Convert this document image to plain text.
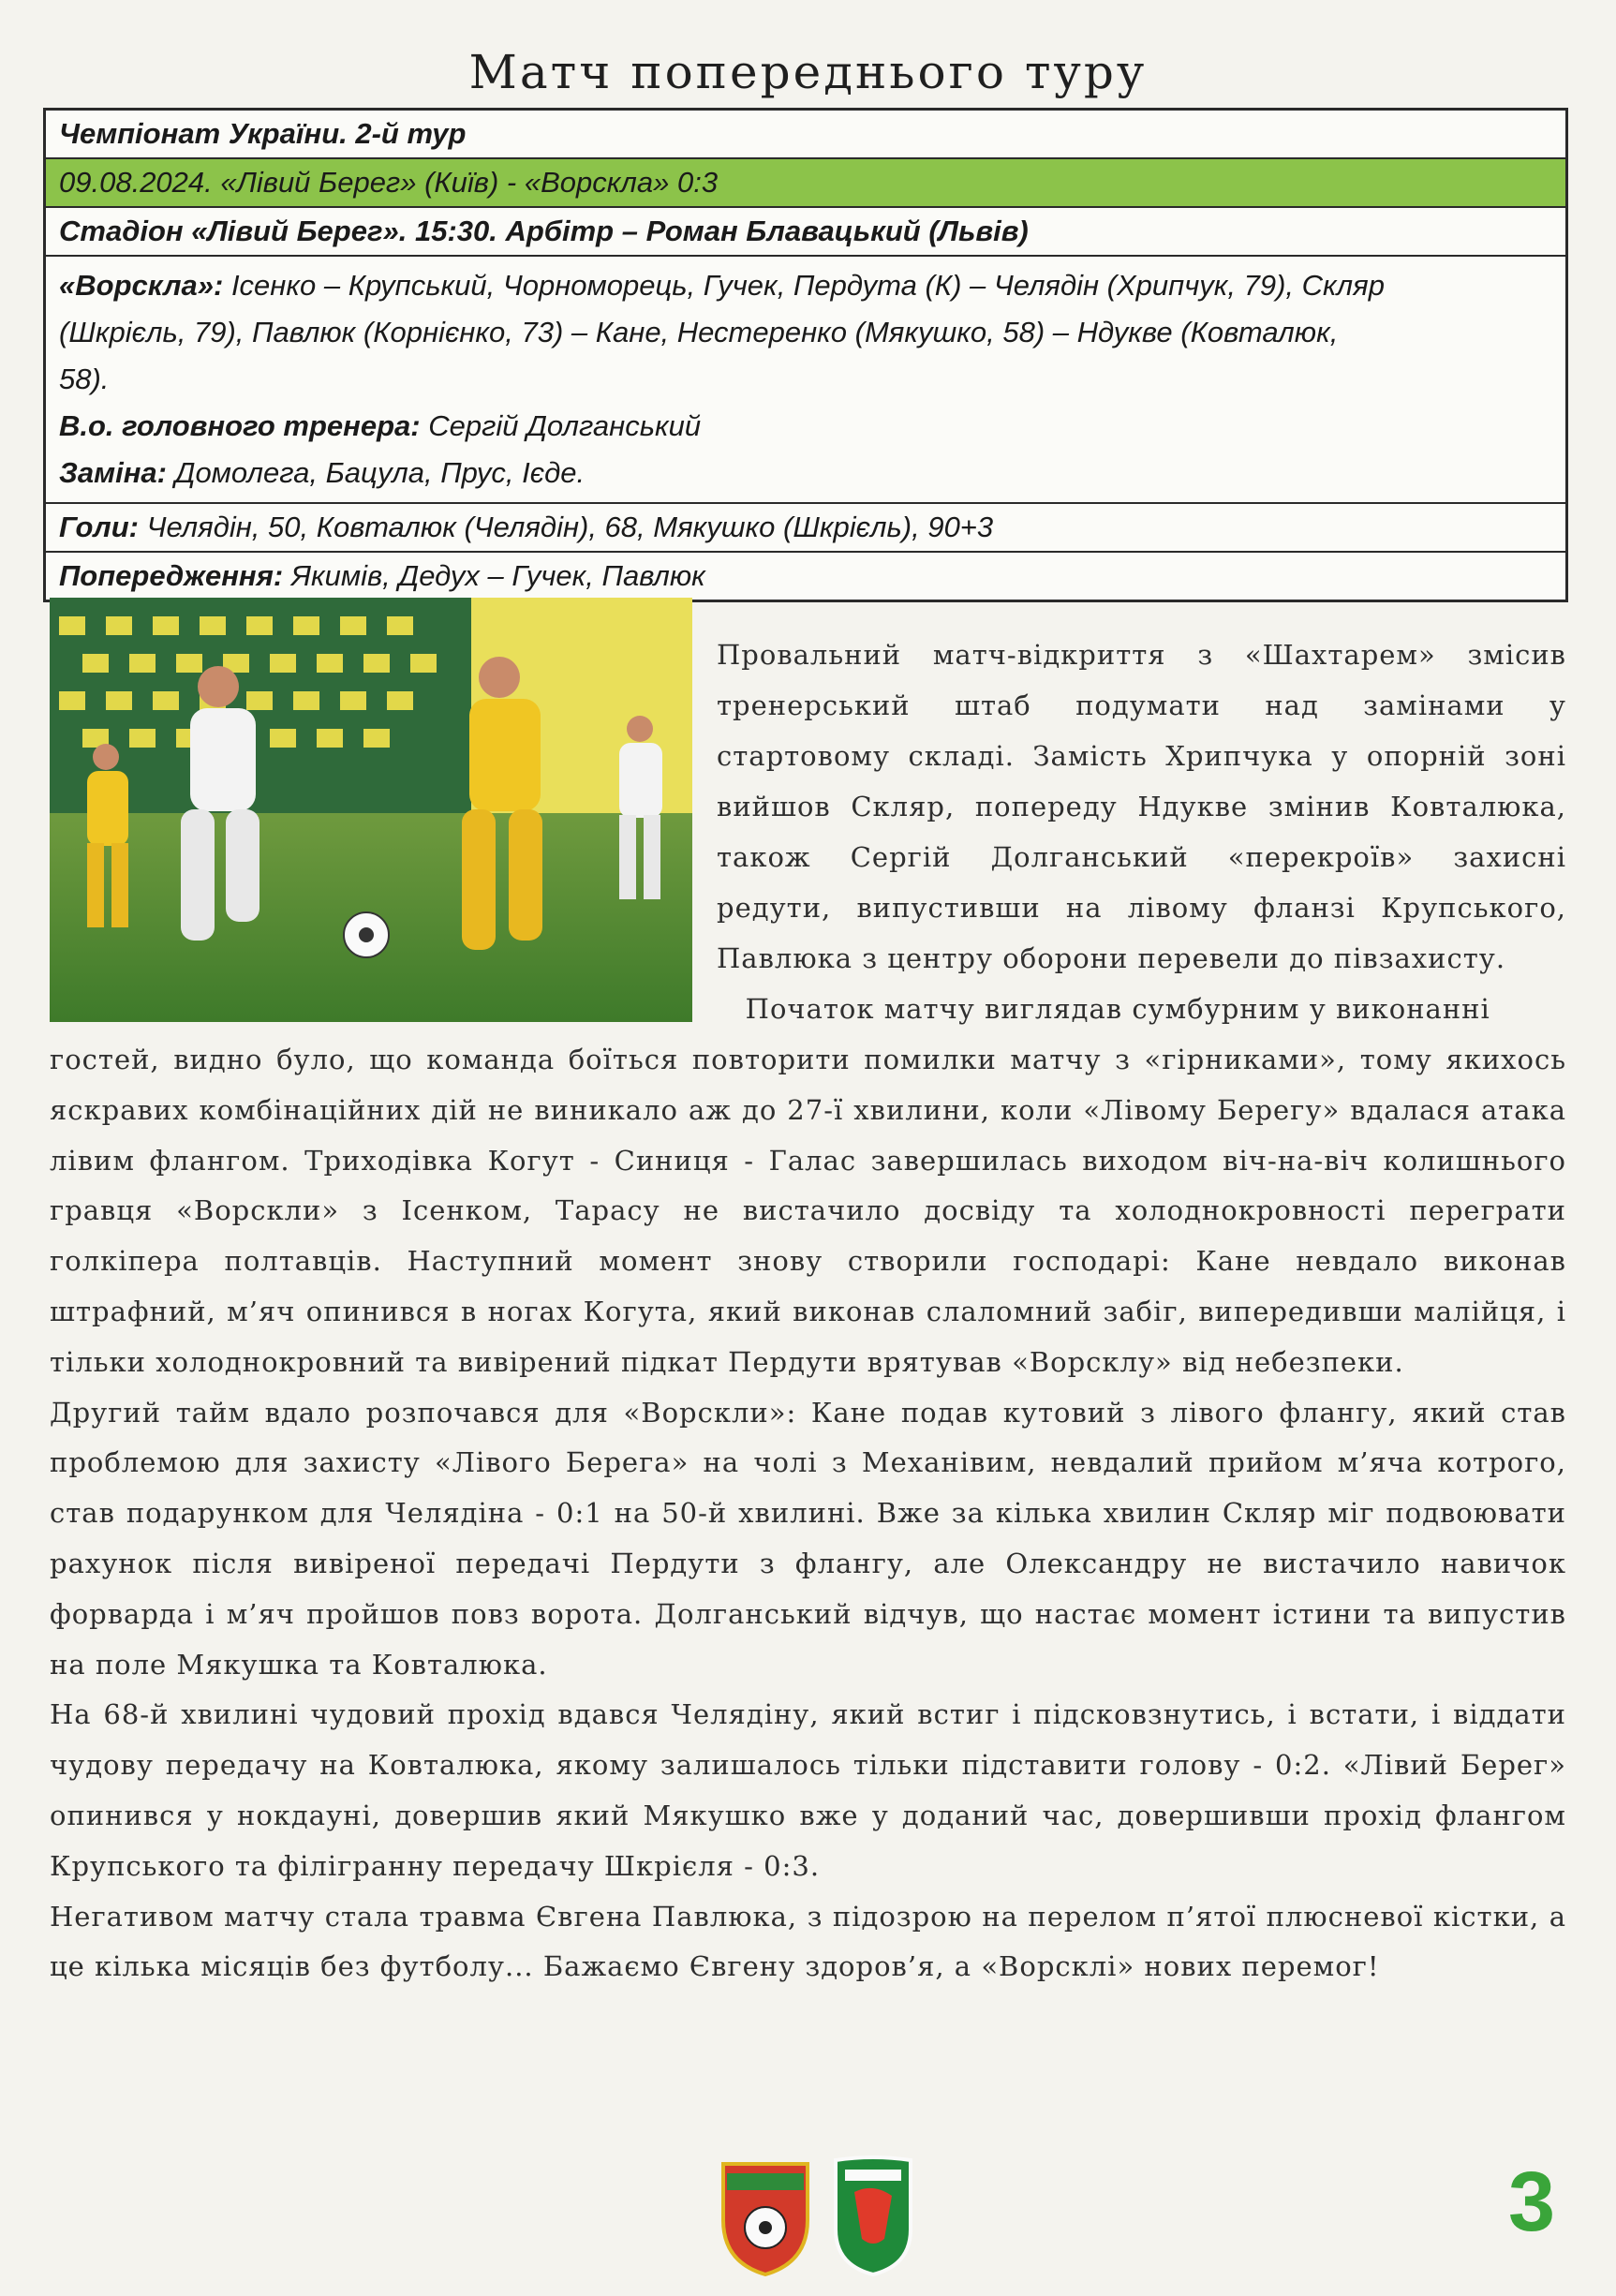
Матч попереднього туру
Чемпіонат України. 2-й тур
09.08.2024. «Лівий Берег» (Київ) - «Ворскла» 0:3
Стадіон «Лівий Берег». 15:30. Арбітр – Роман Блавацький (Львів)
«Ворскла»: Ісенко – Крупський, Чорноморець, Гучек, Пердута (К) – Челядін (Хрипчук, 79), Скляр
(Шкрієль, 79), Павлюк (Корнієнко, 73) – Кане, Нестеренко (Мякушко, 58) – Ндукве (Ковталюк,
58).
В.о. головного тренера: Сергій Долганський
Заміна: Домолега, Бацула, Прус, Ієде.
Голи: Челядін, 50, Ковталюк (Челядін), 68, Мякушко (Шкрієль), 90+3
Попередження: Якимів, Дедух – Гучек, Павлюк

Провальний матч-відкриття з «Шахтарем» змісив тренерський штаб подумати над замінами у стартовому складі. Замість Хрипчука у опорній зоні вийшов Скляр, попереду Ндукве змінив Ковталюка, також Сергій Долганський «перекроїв» захисні редути, випустивши на лівому фланзі Крупського, Павлюка з центру оборони перевели до півзахисту.

Початок матчу виглядав сумбурним у виконанні

гостей, видно було, що команда боїться повторити помилки матчу з «гірниками», тому якихось яскравих комбінаційних дій не виникало аж до 27-ї хвилини, коли «Лівому Берегу» вдалася атака лівим флангом. Триходівка Когут - Синиця - Галас завершилась виходом віч-на-віч колишнього гравця «Ворскли» з Ісенком, Тарасу не вистачило досвіду та холоднокровності переграти голкіпера полтавців. Наступний момент знову створили господарі: Кане невдало виконав штрафний, м’яч опинився в ногах Когута, який виконав слаломний забіг, випередивши малійця, і тільки холоднокровний та вивірений підкат Пердути врятував «Ворсклу» від небезпеки.

Другий тайм вдало розпочався для «Ворскли»: Кане подав кутовий з лівого флангу, який став проблемою для захисту «Лівого Берега» на чолі з Механівим, невдалий прийом м’яча котрого, став подарунком для Челядіна - 0:1 на 50-й хвилині. Вже за кілька хвилин Скляр міг подвоювати рахунок після вивіреної передачі Пердути з флангу, але Олександру не вистачило навичок форварда і м’яч пройшов повз ворота. Долганський відчув, що настає момент істини та випустив на поле Мякушка та Ковталюка.

На 68-й хвилині чудовий прохід вдався Челядіну, який встиг і підсковзнутись, і встати, і віддати чудову передачу на Ковталюка, якому залишалось тільки підставити голову - 0:2. «Лівий Берег» опинився у нокдауні, довершив який Мякушко вже у доданий час, довершивши прохід флангом Крупського та філігранну передачу Шкрієля - 0:3.

Негативом матчу стала травма Євгена Павлюка, з підозрою на перелом п’ятої плюсневої кістки, а це кілька місяців без футболу... Бажаємо Євгену здоров’я, а «Ворсклі» нових перемог!

3
